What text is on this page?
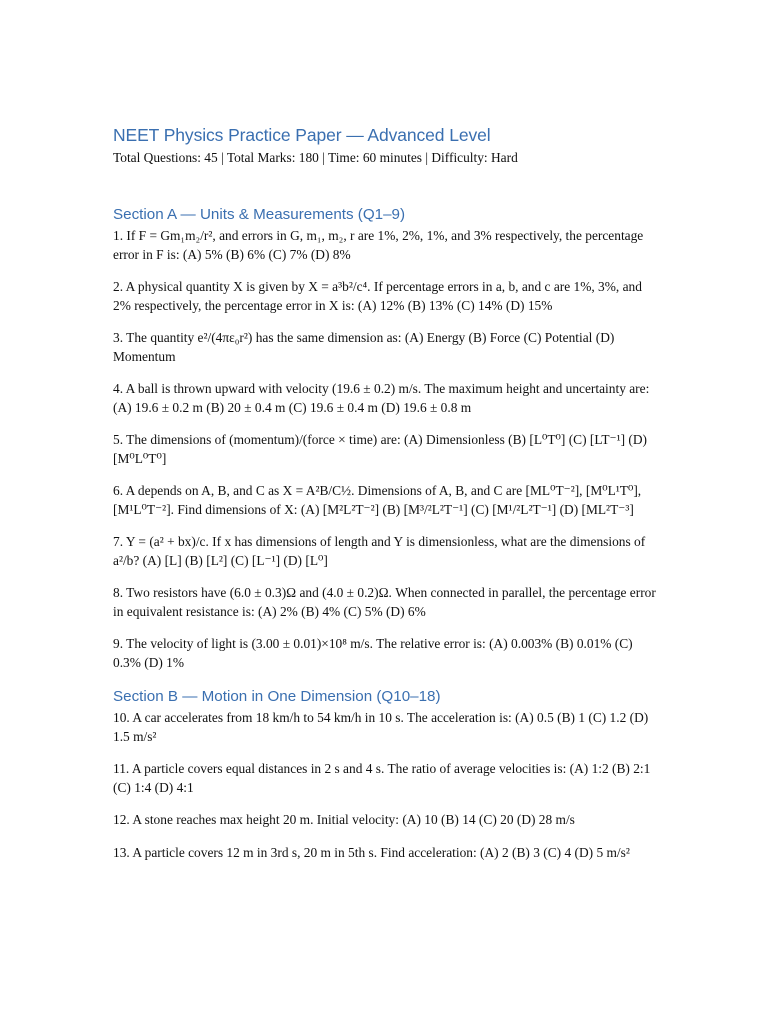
NEET Physics Practice Paper — Advanced Level

Total Questions: 45 | Total Marks: 180 | Time: 60 minutes | Difficulty: Hard

Section A — Units & Measurements (Q1–9)

1. If F = Gm₁m₂/r², and errors in G, m₁, m₂, r are 1%, 2%, 1%, and 3% respectively, the percentage error in F is: (A) 5% (B) 6% (C) 7% (D) 8%

2. A physical quantity X is given by X = a³b²/c⁴. If percentage errors in a, b, and c are 1%, 3%, and 2% respectively, the percentage error in X is: (A) 12% (B) 13% (C) 14% (D) 15%

3. The quantity e²/(4πε₀r²) has the same dimension as: (A) Energy (B) Force (C) Potential (D) Momentum

4. A ball is thrown upward with velocity (19.6 ± 0.2) m/s. The maximum height and uncertainty are: (A) 19.6 ± 0.2 m (B) 20 ± 0.4 m (C) 19.6 ± 0.4 m (D) 19.6 ± 0.8 m

5. The dimensions of (momentum)/(force × time) are: (A) Dimensionless (B) [L⁰T⁰] (C) [LT⁻¹] (D) [M⁰L⁰T⁰]

6. A depends on A, B, and C as X = A²B/C½. Dimensions of A, B, and C are [ML⁰T⁻²], [M⁰L¹T⁰], [M¹L⁰T⁻²]. Find dimensions of X: (A) [M²L²T⁻²] (B) [M³/²L²T⁻¹] (C) [M¹/²L²T⁻¹] (D) [ML²T⁻³]

7. Y = (a² + bx)/c. If x has dimensions of length and Y is dimensionless, what are the dimensions of a²/b? (A) [L] (B) [L²] (C) [L⁻¹] (D) [L⁰]

8. Two resistors have (6.0 ± 0.3)Ω and (4.0 ± 0.2)Ω. When connected in parallel, the percentage error in equivalent resistance is: (A) 2% (B) 4% (C) 5% (D) 6%

9. The velocity of light is (3.00 ± 0.01)×10⁸ m/s. The relative error is: (A) 0.003% (B) 0.01% (C) 0.3% (D) 1%

Section B — Motion in One Dimension (Q10–18)

10. A car accelerates from 18 km/h to 54 km/h in 10 s. The acceleration is: (A) 0.5 (B) 1 (C) 1.2 (D) 1.5 m/s²

11. A particle covers equal distances in 2 s and 4 s. The ratio of average velocities is: (A) 1:2 (B) 2:1 (C) 1:4 (D) 4:1

12. A stone reaches max height 20 m. Initial velocity: (A) 10 (B) 14 (C) 20 (D) 28 m/s

13. A particle covers 12 m in 3rd s, 20 m in 5th s. Find acceleration: (A) 2 (B) 3 (C) 4 (D) 5 m/s²
